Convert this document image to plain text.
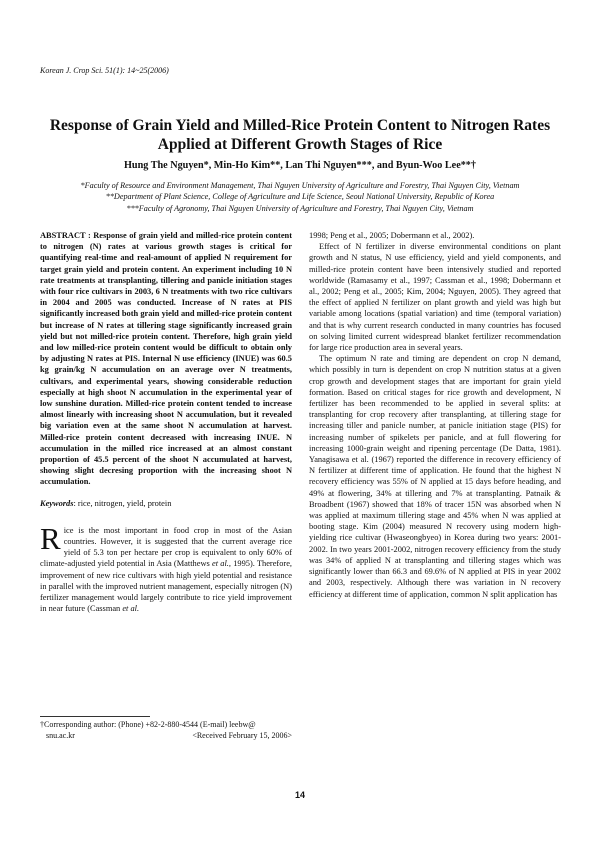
Korean J. Crop Sci. 51(1): 14~25(2006)
Response of Grain Yield and Milled-Rice Protein Content to Nitrogen Rates Applied at Different Growth Stages of Rice
Hung The Nguyen*, Min-Ho Kim**, Lan Thi Nguyen***, and Byun-Woo Lee**†
*Faculty of Resource and Environment Management, Thai Nguyen University of Agriculture and Forestry, Thai Nguyen City, Vietnam
**Department of Plant Science, College of Agriculture and Life Science, Seoul National University, Republic of Korea
***Faculty of Agronomy, Thai Nguyen University of Agriculture and Forestry, Thai Nguyen City, Vietnam

ABSTRACT : Response of grain yield and milled-rice protein content to nitrogen (N) rates at various growth stages is critical for quantifying real-time and real-amount of applied N requirement for target grain yield and protein content. An experiment including 10 N rate treatments at transplanting, tillering and panicle initiation stages with four rice cultivars in 2003, 6 N treatments with two rice cultivars in 2004 and 2005 was conducted. Increase of N rates at PIS significantly increased both grain yield and milled-rice protein content but increase of N rates at tillering stage significantly increased grain yield but not milled-rice protein content. Therefore, high grain yield and low milled-rice protein content would be difficult to obtain only by adjusting N rates at PIS. Internal N use efficiency (INUE) was 60.5 kg grain/kg N accumulation on an average over N treatments, cultivars, and experimental years, showing considerable reduction especially at high shoot N accumulation in the experimental year of low sunshine duration. Milled-rice protein content tended to increase almost linearly with increasing shoot N accumulation, but it revealed big variation even at the same shoot N accumulation at harvest. Milled-rice protein content decreased with increasing INUE. N accumulation in the milled rice increased at an almost constant proportion of 45.5 percent of the shoot N accumulated at harvest, showing slight decresing proportion with the increasing shoot N accumulation.

Keywords: rice, nitrogen, yield, protein

Rice is the most important in food crop in most of the Asian countries. However, it is suggested that the current average rice yield of 5.3 ton per hectare per crop is equivalent to only 60% of climate-adjusted yield potential in Asia (Matthews et al., 1995). Therefore, improvement of new rice cultivars with high yield potential and resistance in parallel with the improved nutrient management, especially nitrogen (N) fertilizer management would largely contribute to rice yield improvement in near future (Cassman et al.

1998; Peng et al., 2005; Dobermann et al., 2002).

Effect of N fertilizer in diverse environmental conditions on plant growth and N status, N use efficiency, yield and yield components, and milled-rice protein content have been intensively studied and reported worldwide (Ramasamy et al., 1997; Cassman et al., 1998; Dobermann et al., 2002; Peng et al., 2005; Kim, 2004; Nguyen, 2005). They agreed that the effect of applied N fertilizer on plant growth and yield was high but variable among locations (spatial variation) and time (temporal variation) and that is why current research conducted in many countries has focused on solving limited current widespread blanket fertilizer recommendation for large rice production area in several years.

The optimum N rate and timing are dependent on crop N demand, which possibly in turn is dependent on crop N nutrition status at a given crop growth and development stages that are important for grain yield formation. Based on critical stages for rice growth and development, N fertilizer has been recommended to be applied in several splits: at transplanting for crop recovery after transplanting, at tillering stage for increasing tiller and panicle number, at panicle initiation stage (PIS) for increasing number of spikelets per panicle, and at full flowering for increasing 1000-grain weight and ripening percentage (De Datta, 1981). Yanagisawa et al. (1967) reported the difference in recovery efficiency of N fertilizer at different time of application. He found that the highest N recovery efficiency was 55% of N applied at 15 days before heading, and 49% at flowering, 34% at tillering and 7% at transplanting. Patnaik & Broadbent (1967) showed that 18% of tracer 15N was absorbed when N was applied at maximum tillering stage and 45% when N was applied at booting stage. Kim (2004) measured N recovery using modern high-yielding rice cultivar (Hwaseongbyeo) in Korea during two years: 2001-2002. In two years 2001-2002, nitrogen recovery efficiency from the study was 34% of applied N at transplanting and tillering stages which was significantly lower than 66.3 and 69.6% of N applied at PIS in year 2002 and 2003, respectively. Although there was variation in N recovery efficiency at different time of application, common N split application has

†Corresponding author: (Phone) +82-2-880-4544 (E-mail) leebw@
snu.ac.kr	<Received February 15, 2006>
14
